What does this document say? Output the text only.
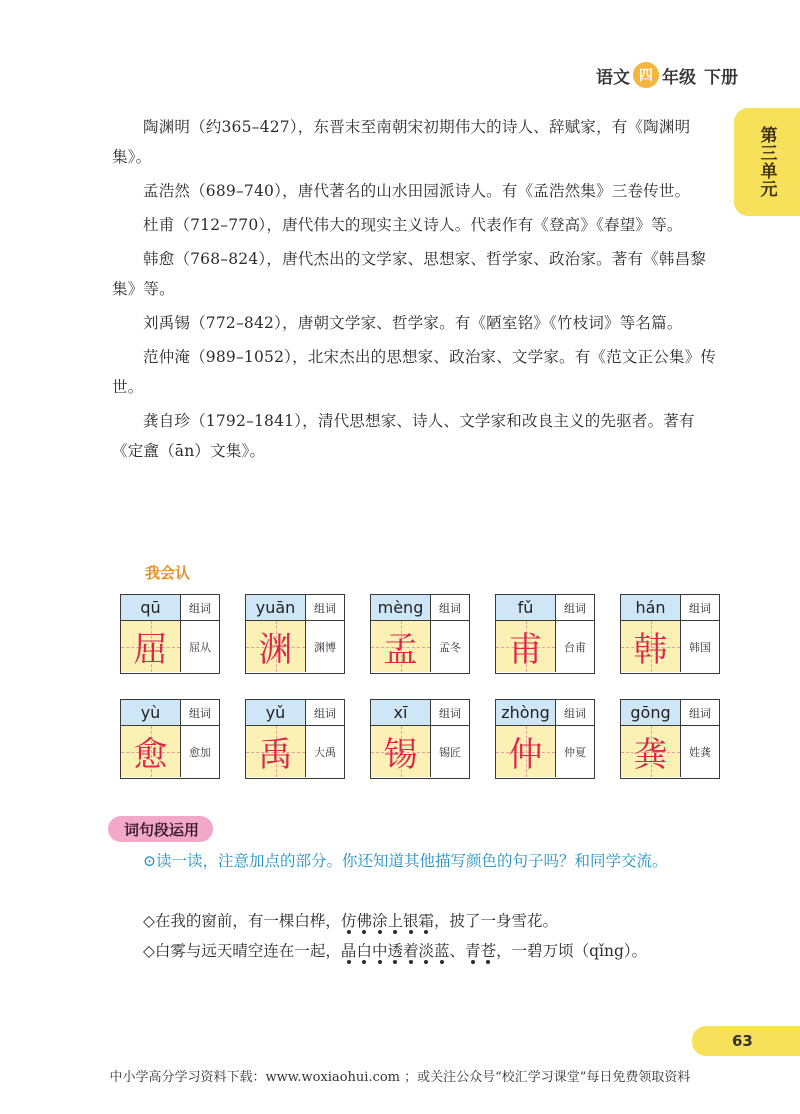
语文 四 年级 下册
第三单元

陶渊明（约365–427），东晋末至南朝宋初期伟大的诗人、辞赋家，有《陶渊明集》。

孟浩然（689–740），唐代著名的山水田园派诗人。有《孟浩然集》三卷传世。

杜甫（712–770），唐代伟大的现实主义诗人。代表作有《登高》《春望》等。

韩愈（768–824），唐代杰出的文学家、思想家、哲学家、政治家。著有《韩昌黎集》等。

刘禹锡（772–842），唐朝文学家、哲学家。有《陋室铭》《竹枝词》等名篇。

范仲淹（989–1052），北宋杰出的思想家、政治家、文学家。有《范文正公集》传世。

龚自珍（1792–1841），清代思想家、诗人、文学家和改良主义的先驱者。著有《定盦（ān）文集》。

我会认
qū	组词
屈	屈从
yuān	组词
渊	渊博
mèng	组词
孟	孟冬
fǔ	组词
甫	台甫
hán	组词
韩	韩国
yù	组词
愈	愈加
yǔ	组词
禹	大禹
xī	组词
锡	锡匠
zhòng	组词
仲	仲夏
gōng	组词
龚	姓龚
词句段运用

⊙读一读，注意加点的部分。你还知道其他描写颜色的句子吗？和同学交流。

◇在我的窗前，有一棵白桦，仿佛涂上银霜，披了一身雪花。

◇白雾与远天晴空连在一起，晶白中透着淡蓝、青苍，一碧万顷（qǐng）。

63
中小学高分学习资料下载：www.woxiaohui.com ；或关注公众号“校汇学习课堂”每日免费领取资料
